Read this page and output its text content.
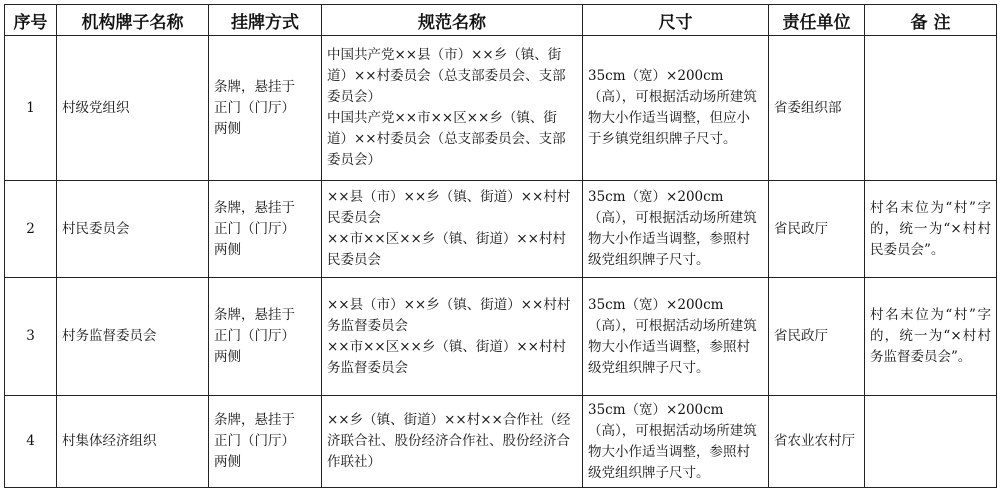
序号	机构牌子名称	挂牌方式	规范名称	尺寸	责任单位	备 注
1	村级党组织	条牌，悬挂于
正门（门厅）
两侧	中国共产党××县（市）××乡（镇、街道）××村委员会（总支部委员会、支部委员会）
中国共产党××市××区××乡（镇、街道）××村委员会（总支部委员会、支部委员会）	35cm（宽）×200cm（高），可根据活动场所建筑物大小作适当调整，但应小于乡镇党组织牌子尺寸。	省委组织部	
2	村民委员会	条牌，悬挂于
正门（门厅）
两侧	××县（市）××乡（镇、街道）××村村民委员会
××市××区××乡（镇、街道）××村村民委员会	35cm（宽）×200cm（高），可根据活动场所建筑物大小作适当调整，参照村级党组织牌子尺寸。	省民政厅	村名末位为“村”字的，统一为“×村村民委员会”。
3	村务监督委员会	条牌，悬挂于
正门（门厅）
两侧	××县（市）××乡（镇、街道）××村村务监督委员会
××市××区××乡（镇、街道）××村村务监督委员会	35cm（宽）×200cm（高），可根据活动场所建筑物大小作适当调整，参照村级党组织牌子尺寸。	省民政厅	村名末位为“村”字的，统一为“×村村务监督委员会”。
4	村集体经济组织	条牌，悬挂于
正门（门厅）
两侧	××乡（镇、街道）××村××合作社（经济联合社、股份经济合作社、股份经济合作联社）	35cm（宽）×200cm（高），可根据活动场所建筑物大小作适当调整，参照村级党组织牌子尺寸。	省农业农村厅	
